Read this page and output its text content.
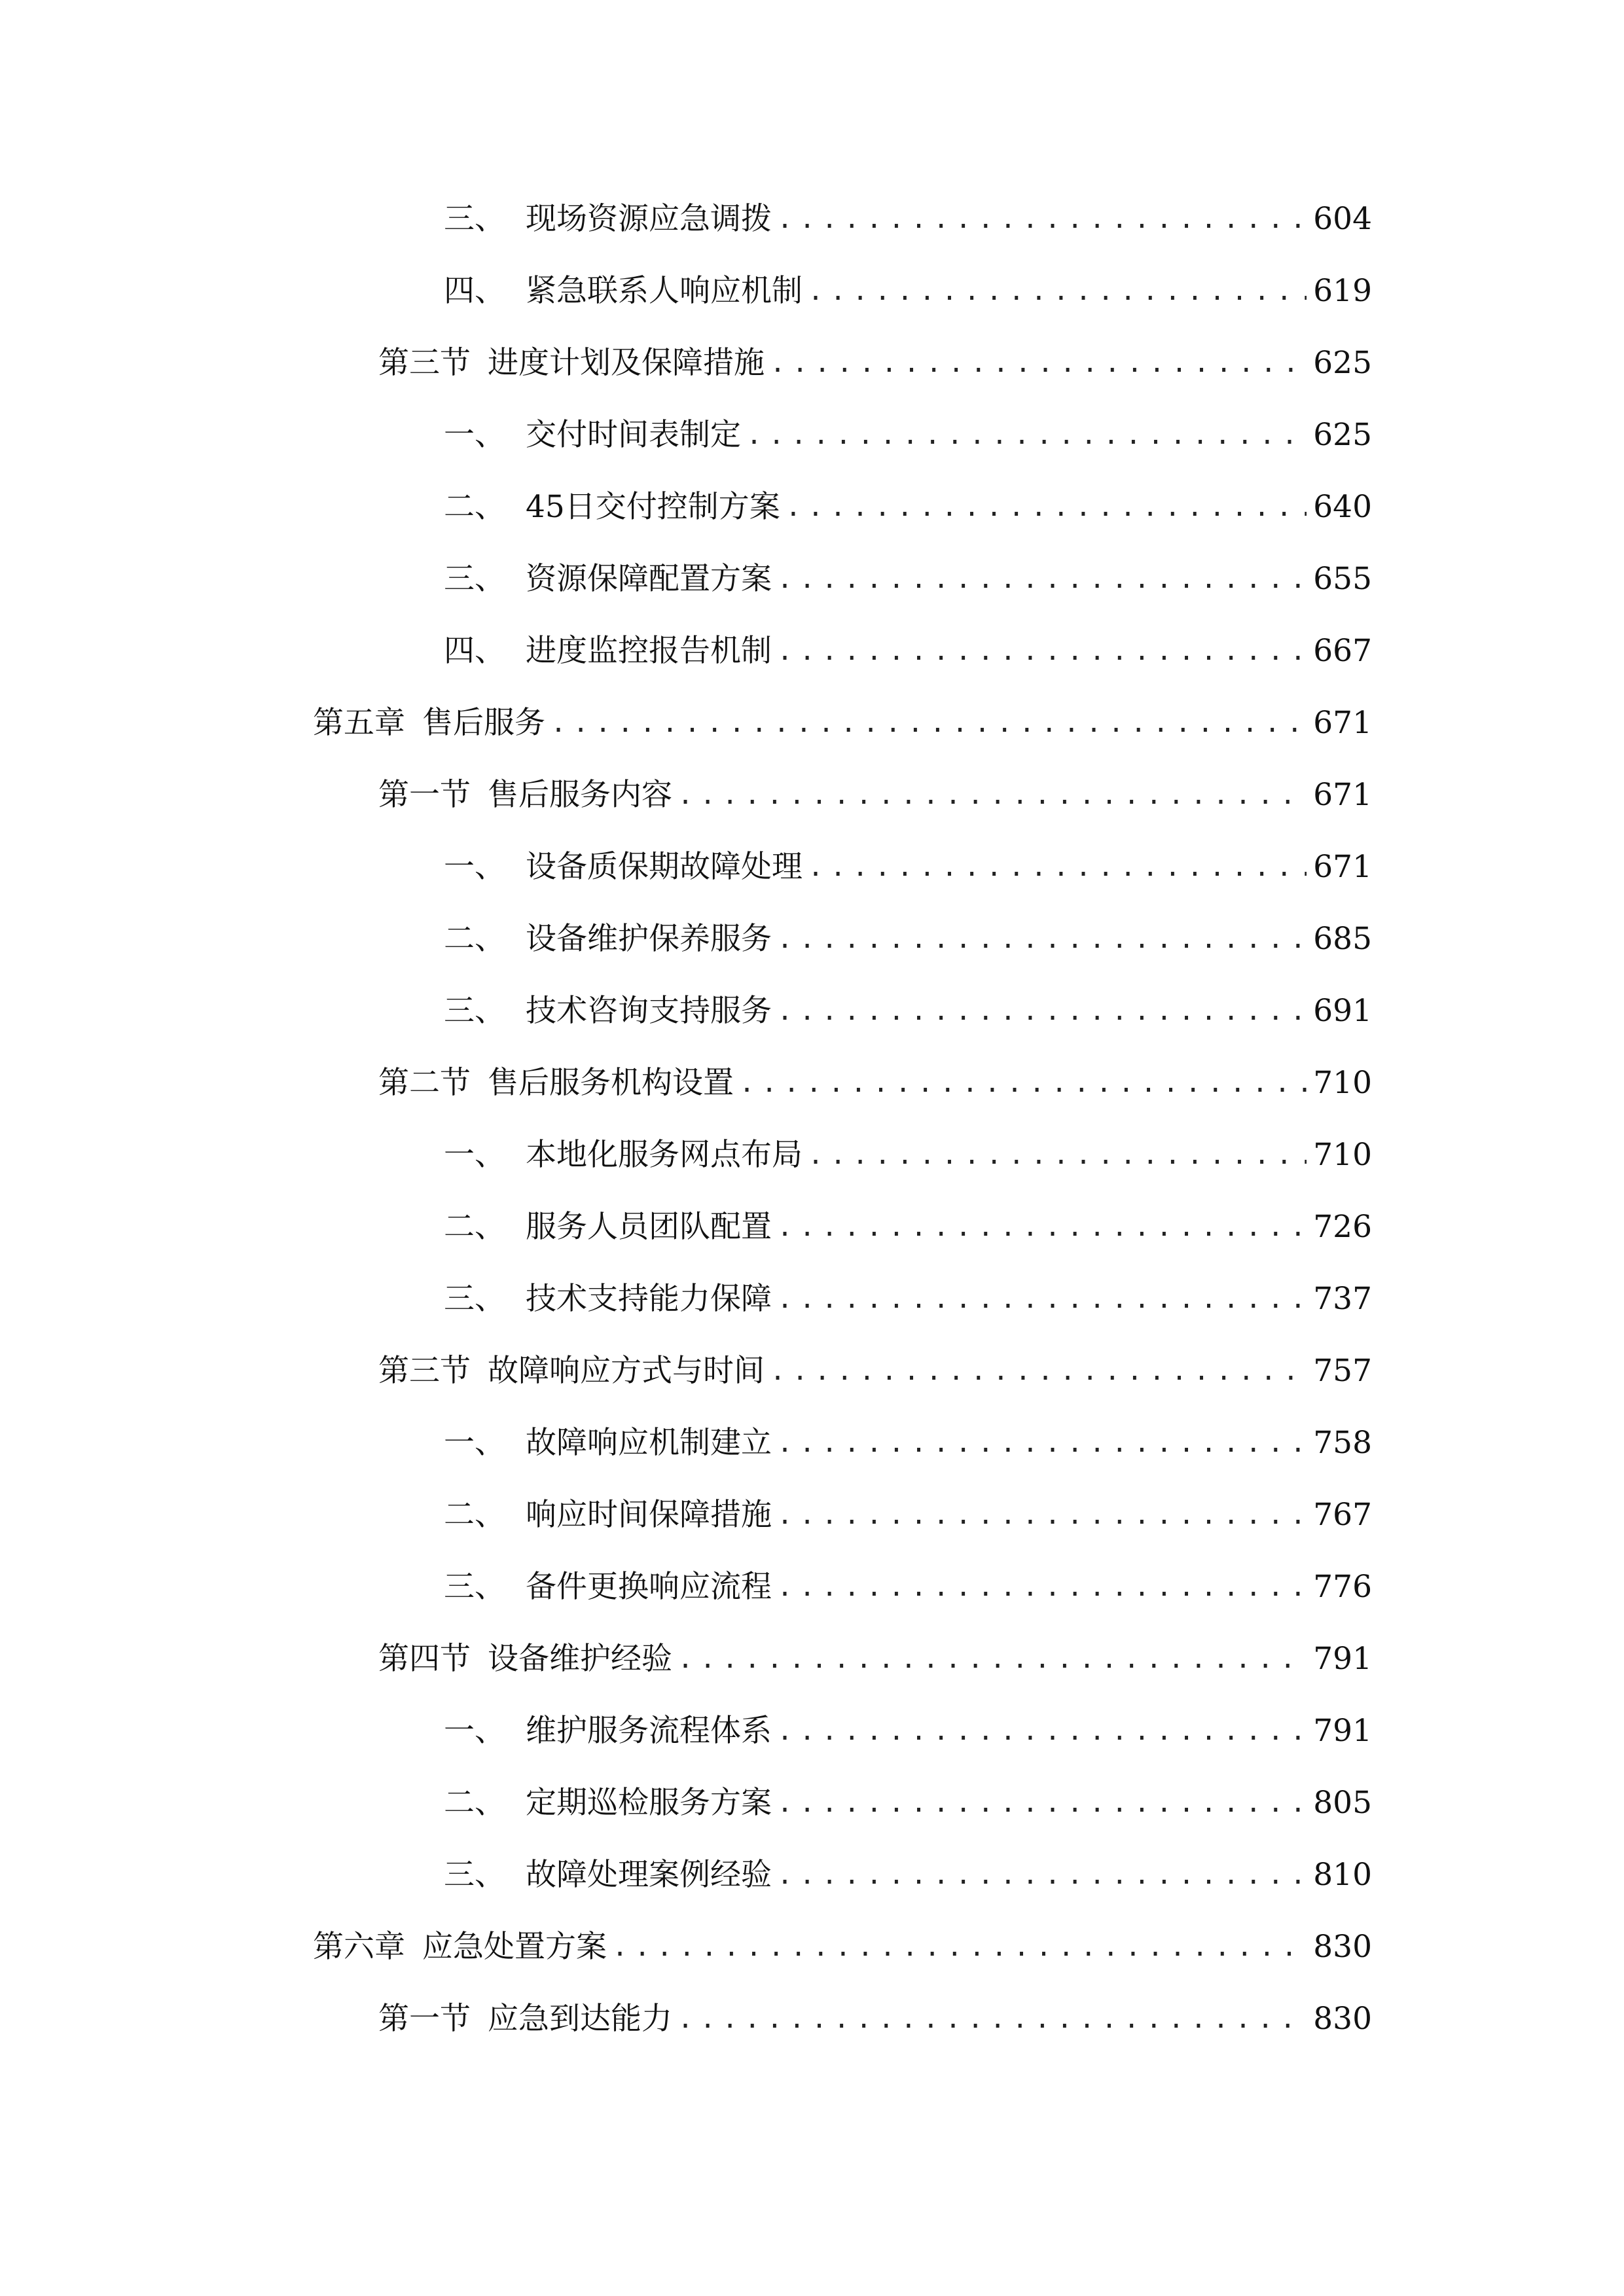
三、 现场资源应急调拨 .....	604
四、 紧急联系人响应机制 .....	619
第三节 进度计划及保障措施 .....	625
一、 交付时间表制定 .....	625
二、 45日交付控制方案 .....	640
三、 资源保障配置方案 .....	655
四、 进度监控报告机制 .....	667
第五章 售后服务 .....	671
第一节 售后服务内容 .....	671
一、 设备质保期故障处理 .....	671
二、 设备维护保养服务 .....	685
三、 技术咨询支持服务 .....	691
第二节 售后服务机构设置 .....	710
一、 本地化服务网点布局 .....	710
二、 服务人员团队配置 .....	726
三、 技术支持能力保障 .....	737
第三节 故障响应方式与时间 .....	757
一、 故障响应机制建立 .....	758
二、 响应时间保障措施 .....	767
三、 备件更换响应流程 .....	776
第四节 设备维护经验 .....	791
一、 维护服务流程体系 .....	791
二、 定期巡检服务方案 .....	805
三、 故障处理案例经验 .....	810
第六章 应急处置方案 .....	830
第一节 应急到达能力 .....	830
